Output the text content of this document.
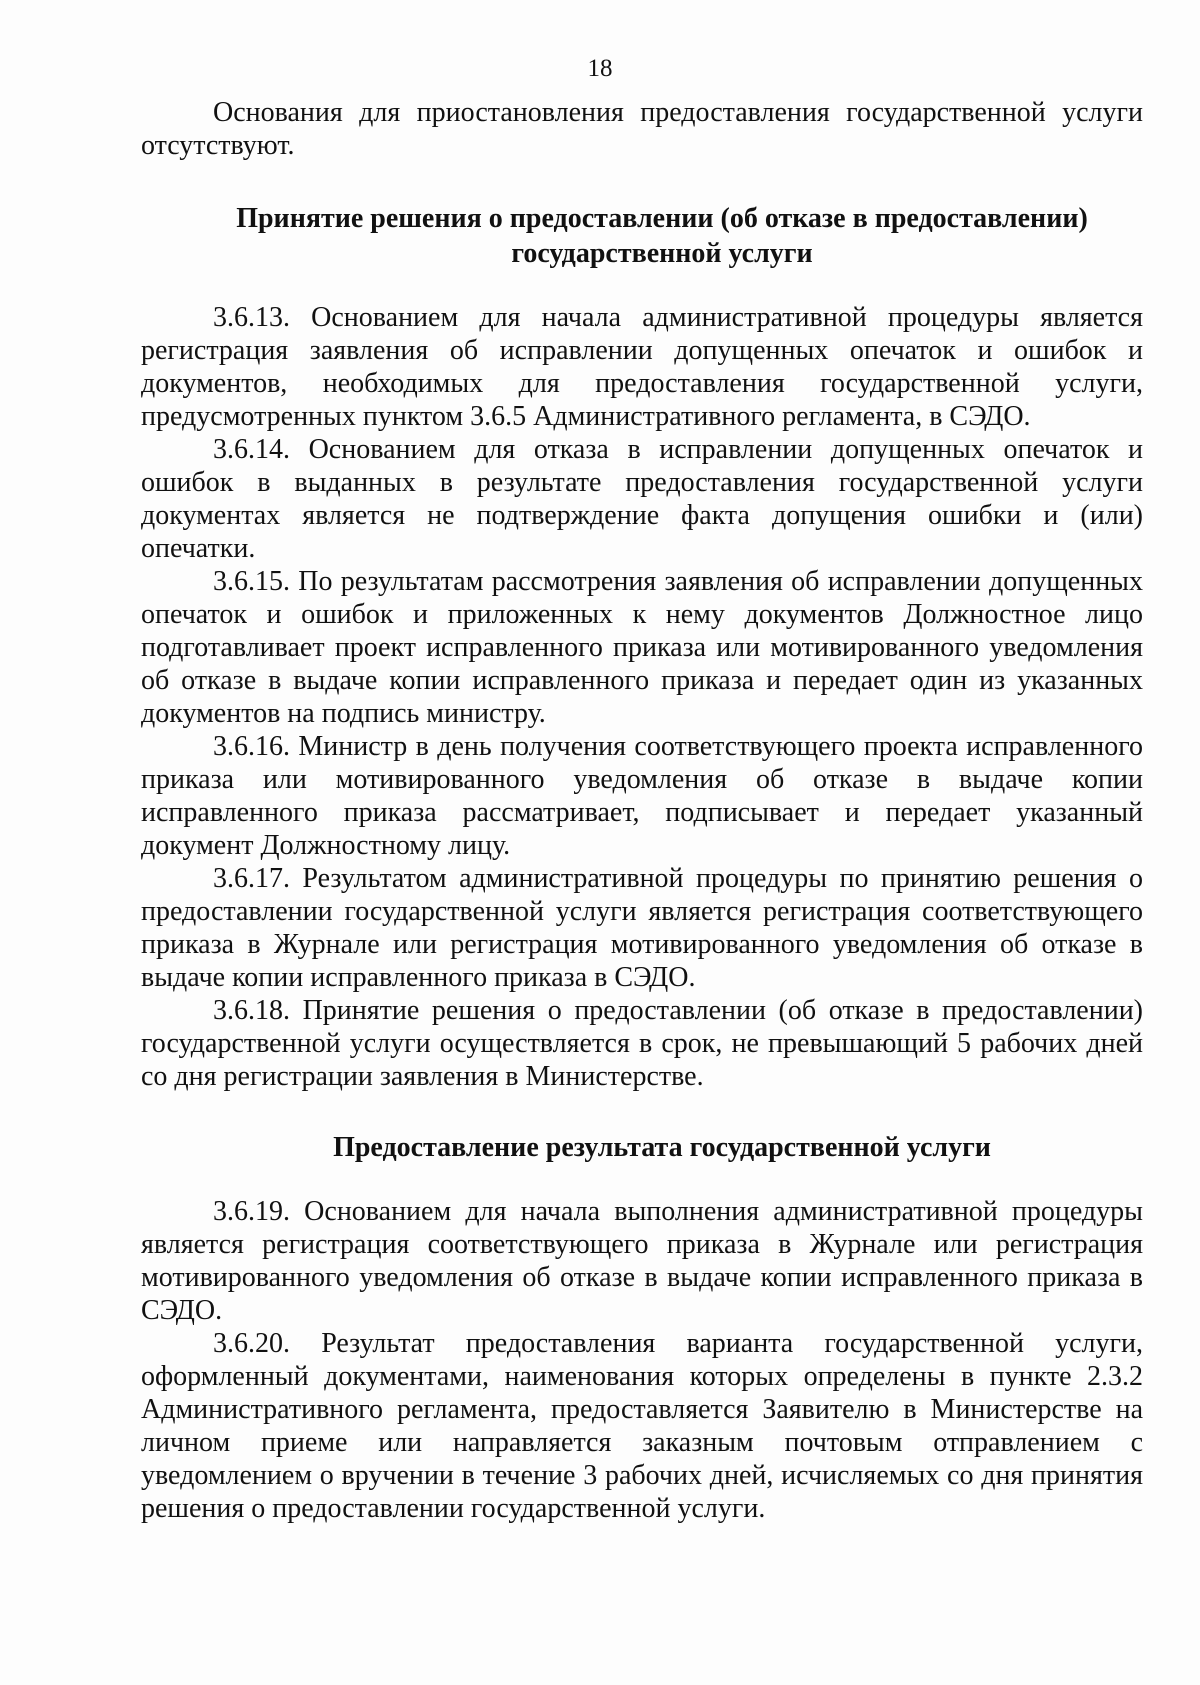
18

Основания для приостановления предоставления государственной услуги отсутствуют.

Принятие решения о предоставлении (об отказе в предоставлении)
государственной услуги

3.6.13. Основанием для начала административной процедуры является регистрация заявления об исправлении допущенных опечаток и ошибок и документов, необходимых для предоставления государственной услуги, предусмотренных пунктом 3.6.5 Административного регламента, в СЭДО.

3.6.14. Основанием для отказа в исправлении допущенных опечаток и ошибок в выданных в результате предоставления государственной услуги документах является не подтверждение факта допущения ошибки и (или) опечатки.

3.6.15. По результатам рассмотрения заявления об исправлении допущенных опечаток и ошибок и приложенных к нему документов Должностное лицо подготавливает проект исправленного приказа или мотивированного уведомления об отказе в выдаче копии исправленного приказа и передает один из указанных документов на подпись министру.

3.6.16. Министр в день получения соответствующего проекта исправленного приказа или мотивированного уведомления об отказе в выдаче копии исправленного приказа рассматривает, подписывает и передает указанный документ Должностному лицу.

3.6.17. Результатом административной процедуры по принятию решения о предоставлении государственной услуги является регистрация соответствующего приказа в Журнале или регистрация мотивированного уведомления об отказе в выдаче копии исправленного приказа в СЭДО.

3.6.18. Принятие решения о предоставлении (об отказе в предоставлении) государственной услуги осуществляется в срок, не превышающий 5 рабочих дней со дня регистрации заявления в Министерстве.

Предоставление результата государственной услуги

3.6.19. Основанием для начала выполнения административной процедуры является регистрация соответствующего приказа в Журнале или регистрация мотивированного уведомления об отказе в выдаче копии исправленного приказа в СЭДО.

3.6.20. Результат предоставления варианта государственной услуги, оформленный документами, наименования которых определены в пункте 2.3.2 Административного регламента, предоставляется Заявителю в Министерстве на личном приеме или направляется заказным почтовым отправлением с уведомлением о вручении в течение 3 рабочих дней, исчисляемых со дня принятия решения о предоставлении государственной услуги.
